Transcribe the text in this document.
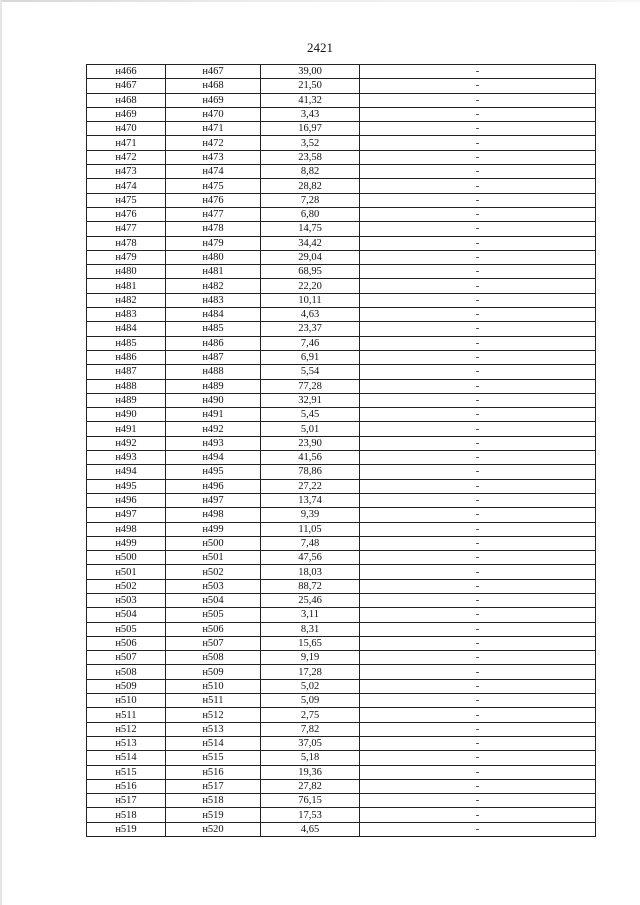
2421
н466	н467	39,00	-
н467	н468	21,50	-
н468	н469	41,32	-
н469	н470	3,43	-
н470	н471	16,97	-
н471	н472	3,52	-
н472	н473	23,58	-
н473	н474	8,82	-
н474	н475	28,82	-
н475	н476	7,28	-
н476	н477	6,80	-
н477	н478	14,75	-
н478	н479	34,42	-
н479	н480	29,04	-
н480	н481	68,95	-
н481	н482	22,20	-
н482	н483	10,11	-
н483	н484	4,63	-
н484	н485	23,37	-
н485	н486	7,46	-
н486	н487	6,91	-
н487	н488	5,54	-
н488	н489	77,28	-
н489	н490	32,91	-
н490	н491	5,45	-
н491	н492	5,01	-
н492	н493	23,90	-
н493	н494	41,56	-
н494	н495	78,86	-
н495	н496	27,22	-
н496	н497	13,74	-
н497	н498	9,39	-
н498	н499	11,05	-
н499	н500	7,48	-
н500	н501	47,56	-
н501	н502	18,03	-
н502	н503	88,72	-
н503	н504	25,46	-
н504	н505	3,11	-
н505	н506	8,31	-
н506	н507	15,65	-
н507	н508	9,19	-
н508	н509	17,28	-
н509	н510	5,02	-
н510	н511	5,09	-
н511	н512	2,75	-
н512	н513	7,82	-
н513	н514	37,05	-
н514	н515	5,18	-
н515	н516	19,36	-
н516	н517	27,82	-
н517	н518	76,15	-
н518	н519	17,53	-
н519	н520	4,65	-
